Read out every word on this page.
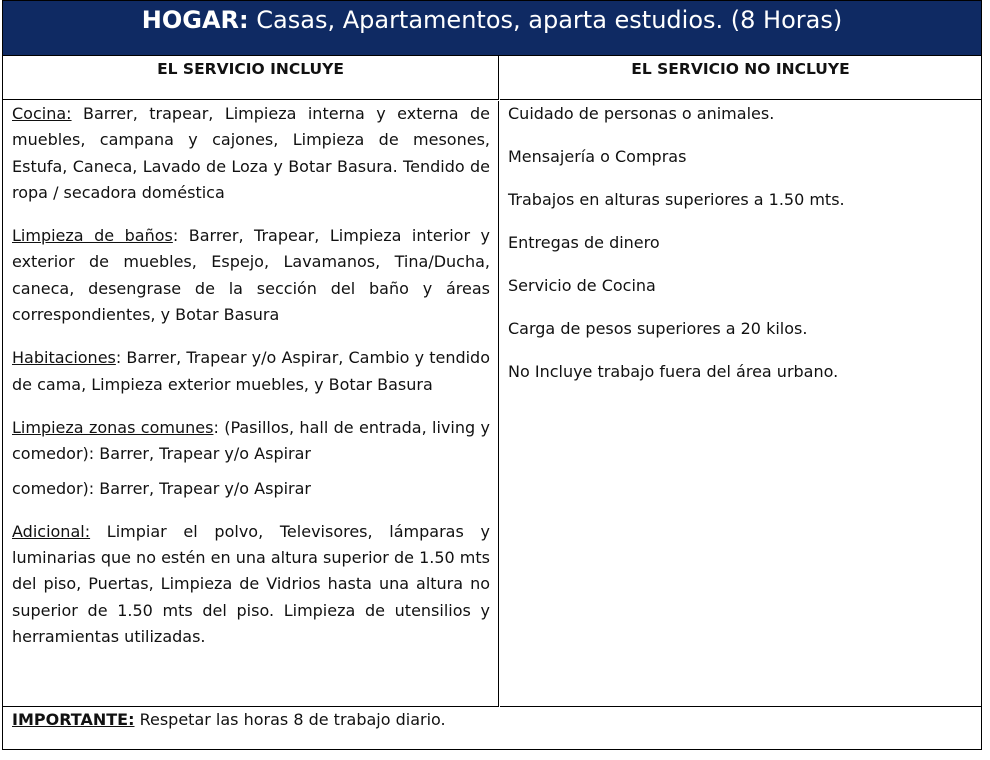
HOGAR: Casas, Apartamentos, aparta estudios. (8 Horas)
EL SERVICIO INCLUYE	EL SERVICIO NO INCLUYE

Cocina: Barrer, trapear, Limpieza interna y externa de muebles, campana y cajones, Limpieza de mesones, Estufa, Caneca, Lavado de Loza y Botar Basura. Tendido de ropa / secadora doméstica

Limpieza de baños: Barrer, Trapear, Limpieza interior y exterior de muebles, Espejo, Lavamanos, Tina/Ducha, caneca, desengrase de la sección del baño y áreas correspondientes, y Botar Basura

Habitaciones: Barrer, Trapear y/o Aspirar, Cambio y tendido de cama, Limpieza exterior muebles, y Botar Basura

Limpieza zonas comunes: (Pasillos, hall de entrada, living y comedor): Barrer, Trapear y/o Aspirar

comedor): Barrer, Trapear y/o Aspirar

Adicional: Limpiar el polvo, Televisores, lámparas y luminarias que no estén en una altura superior de 1.50 mts del piso, Puertas, Limpieza de Vidrios hasta una altura no superior de 1.50 mts del piso. Limpieza de utensilios y herramientas utilizadas.

Cuidado de personas o animales.

Mensajería o Compras

Trabajos en alturas superiores a 1.50 mts.

Entregas de dinero

Servicio de Cocina

Carga de pesos superiores a 20 kilos.

No Incluye trabajo fuera del área urbano.

IMPORTANTE: Respetar las horas 8 de trabajo diario.
